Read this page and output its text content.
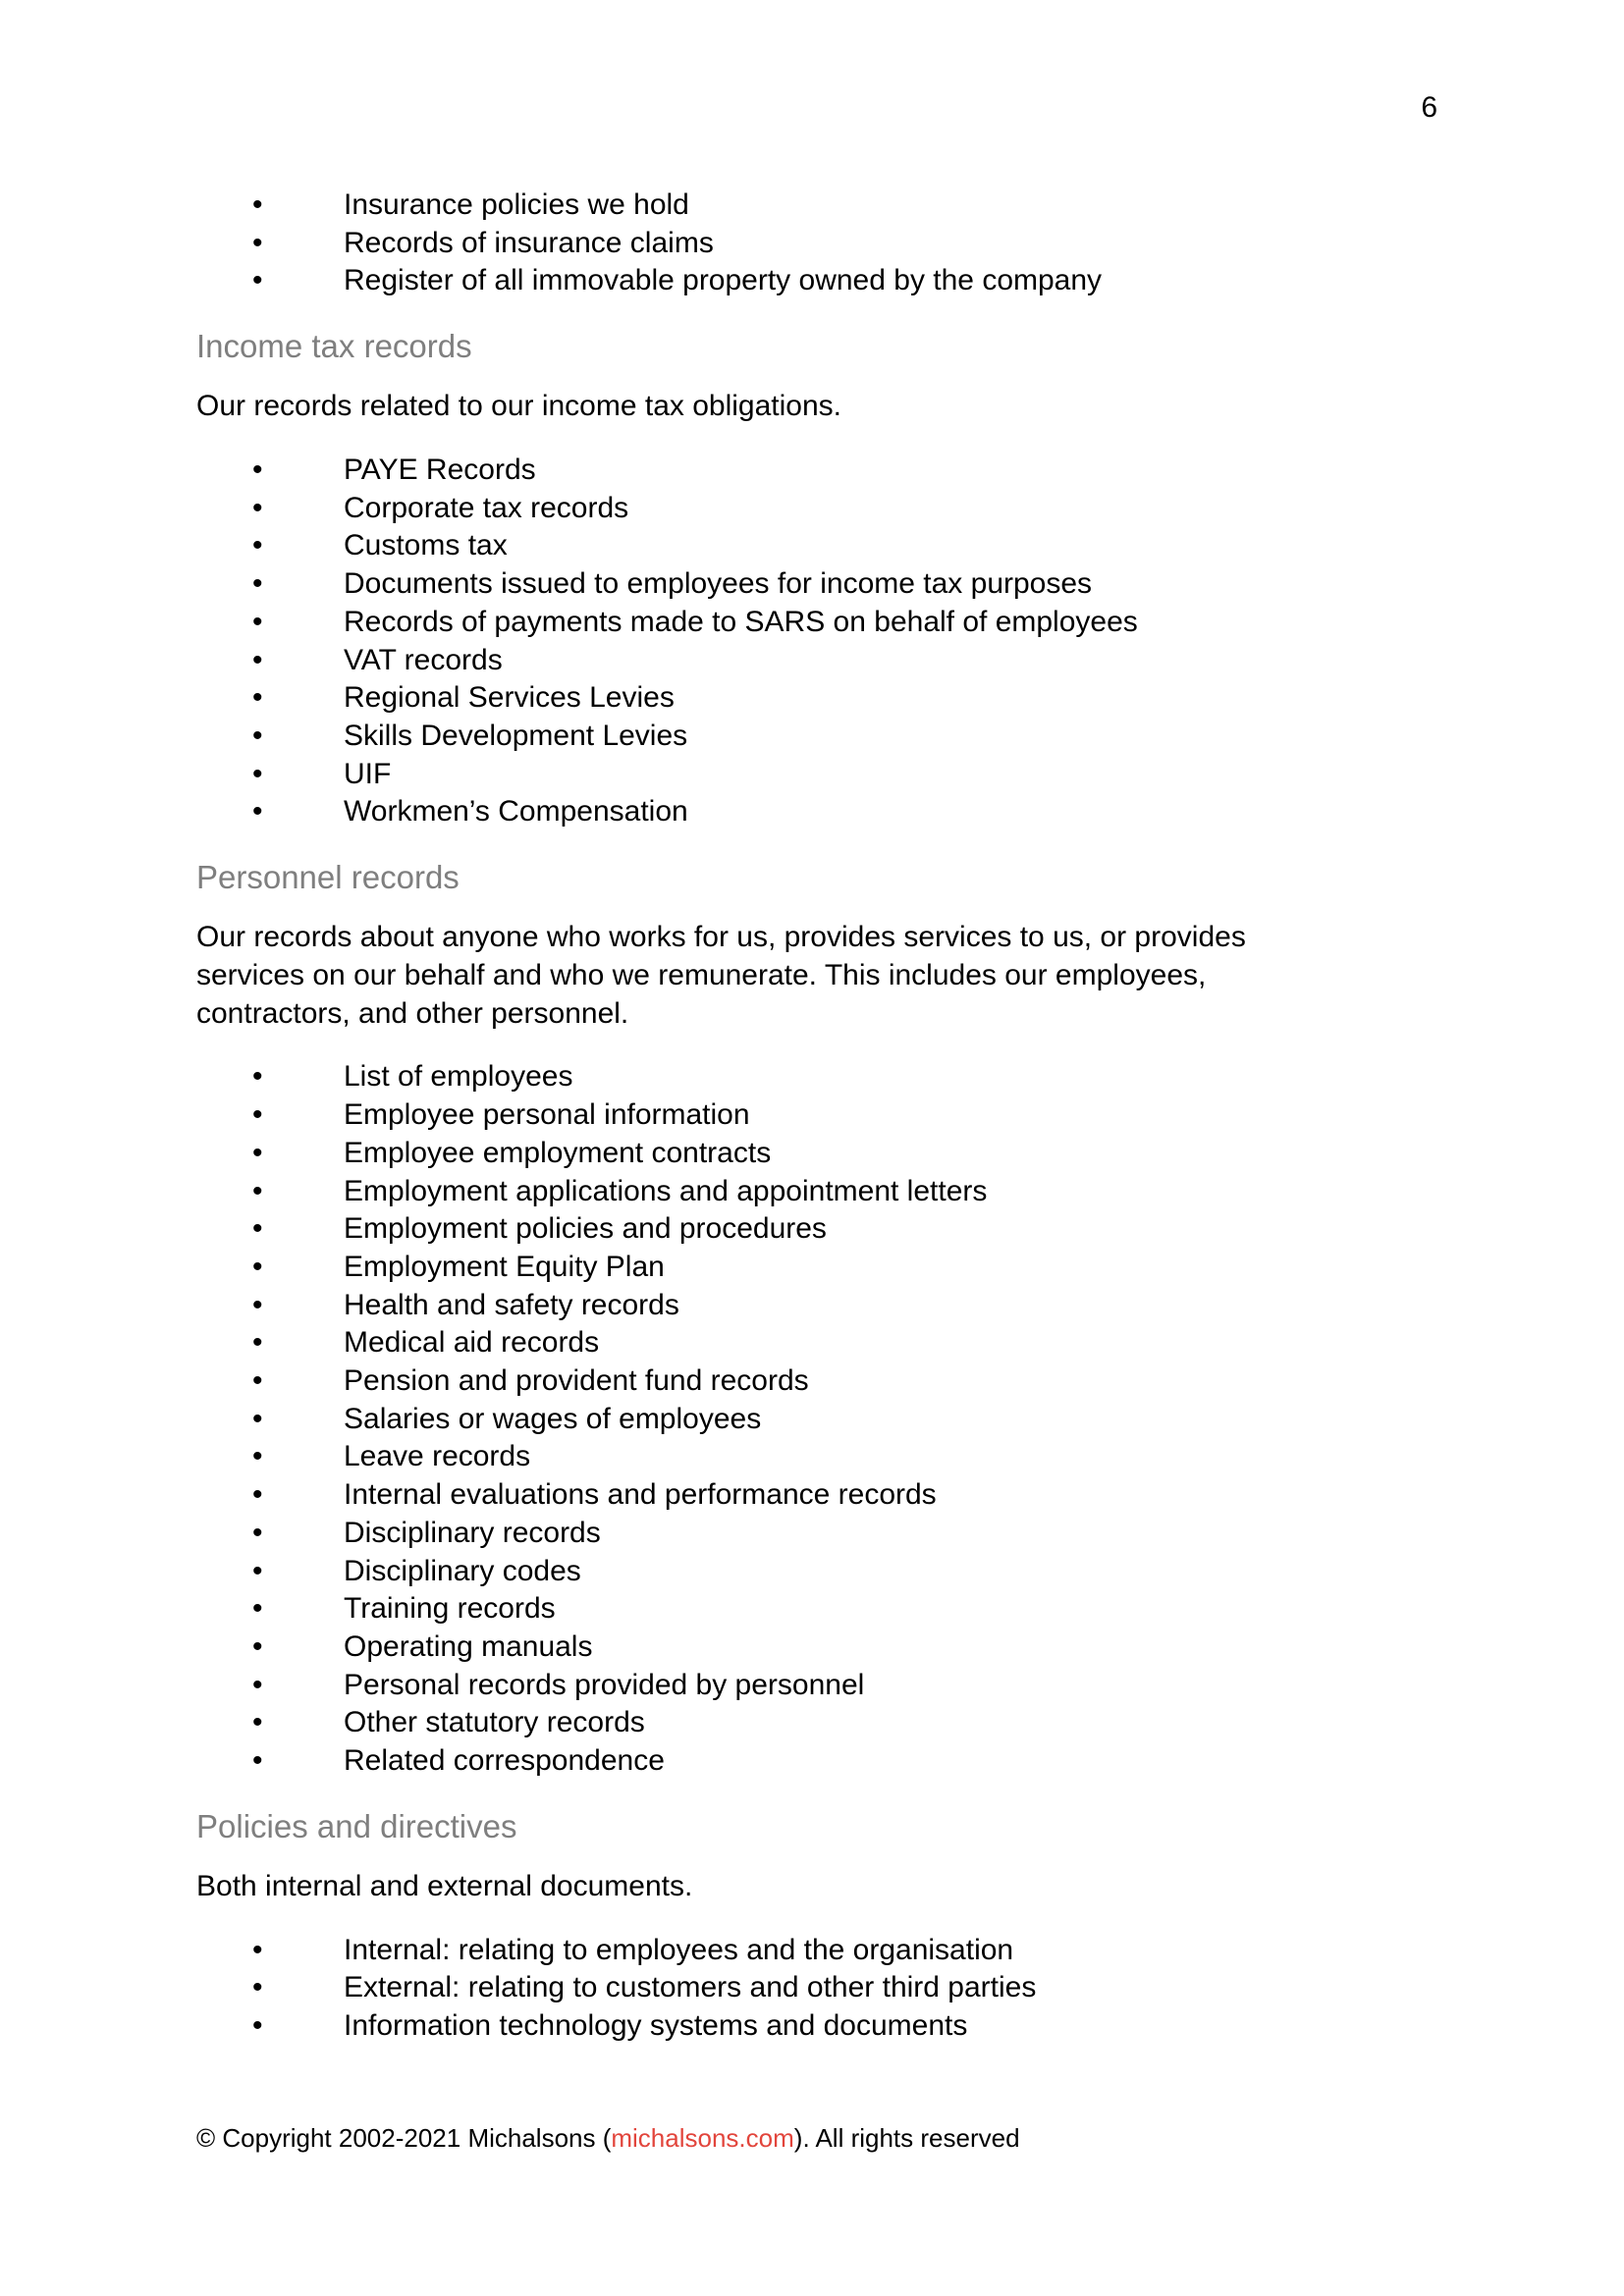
6
•	Insurance policies we hold
•	Records of insurance claims
•	Register of all immovable property owned by the company
Income tax records

Our records related to our income tax obligations.

•	PAYE Records
•	Corporate tax records
•	Customs tax
•	Documents issued to employees for income tax purposes
•	Records of payments made to SARS on behalf of employees
•	VAT records
•	Regional Services Levies
•	Skills Development Levies
•	UIF
•	Workmen’s Compensation
Personnel records

Our records about anyone who works for us, provides services to us, or provides services on our behalf and who we remunerate. This includes our employees, contractors, and other personnel.

•	List of employees
•	Employee personal information
•	Employee employment contracts
•	Employment applications and appointment letters
•	Employment policies and procedures
•	Employment Equity Plan
•	Health and safety records
•	Medical aid records
•	Pension and provident fund records
•	Salaries or wages of employees
•	Leave records
•	Internal evaluations and performance records
•	Disciplinary records
•	Disciplinary codes
•	Training records
•	Operating manuals
•	Personal records provided by personnel
•	Other statutory records
•	Related correspondence
Policies and directives

Both internal and external documents.

•	Internal: relating to employees and the organisation
•	External: relating to customers and other third parties
•	Information technology systems and documents
© Copyright 2002-2021 Michalsons (michalsons.com). All rights reserved
